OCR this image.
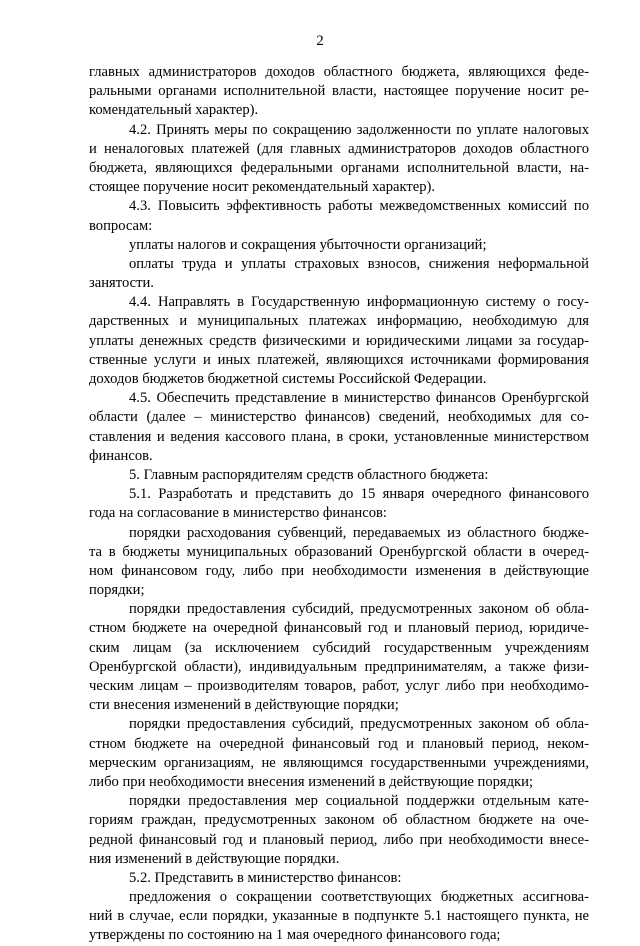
2
главных администраторов доходов областного бюджета, являющихся феде-
ральными органами исполнительной власти, настоящее поручение носит ре-
комендательный характер).
4.2. Принять меры по сокращению задолженности по уплате налоговых
и неналоговых платежей (для главных администраторов доходов областного
бюджета, являющихся федеральными органами исполнительной власти, на-
стоящее поручение носит рекомендательный характер).
4.3. Повысить эффективность работы межведомственных комиссий по
вопросам:
уплаты налогов и сокращения убыточности организаций;
оплаты труда и уплаты страховых взносов, снижения неформальной
занятости.
4.4. Направлять в Государственную информационную систему о госу-
дарственных и муниципальных платежах информацию, необходимую для
уплаты денежных средств физическими и юридическими лицами за государ-
ственные услуги и иных платежей, являющихся источниками формирования
доходов бюджетов бюджетной системы Российской Федерации.
4.5. Обеспечить представление в министерство финансов Оренбургской
области (далее – министерство финансов) сведений, необходимых для со-
ставления и ведения кассового плана, в сроки, установленные министерством
финансов.
5. Главным распорядителям средств областного бюджета:
5.1. Разработать и представить до 15 января очередного финансового
года на согласование в министерство финансов:
порядки расходования субвенций, передаваемых из областного бюдже-
та в бюджеты муниципальных образований Оренбургской области в очеред-
ном финансовом году, либо при необходимости изменения в действующие
порядки;
порядки предоставления субсидий, предусмотренных законом об обла-
стном бюджете на очередной финансовый год и плановый период, юридиче-
ским лицам (за исключением субсидий государственным учреждениям
Оренбургской области), индивидуальным предпринимателям, а также физи-
ческим лицам – производителям товаров, работ, услуг либо при необходимо-
сти внесения изменений в действующие порядки;
порядки предоставления субсидий, предусмотренных законом об обла-
стном бюджете на очередной финансовый год и плановый период, неком-
мерческим организациям, не являющимся государственными учреждениями,
либо при необходимости внесения изменений в действующие порядки;
порядки предоставления мер социальной поддержки отдельным кате-
гориям граждан, предусмотренных законом об областном бюджете на оче-
редной финансовый год и плановый период, либо при необходимости внесе-
ния изменений в действующие порядки.
5.2. Представить в министерство финансов:
предложения о сокращении соответствующих бюджетных ассигнова-
ний в случае, если порядки, указанные в подпункте 5.1 настоящего пункта, не
утверждены по состоянию на 1 мая очередного финансового года;
